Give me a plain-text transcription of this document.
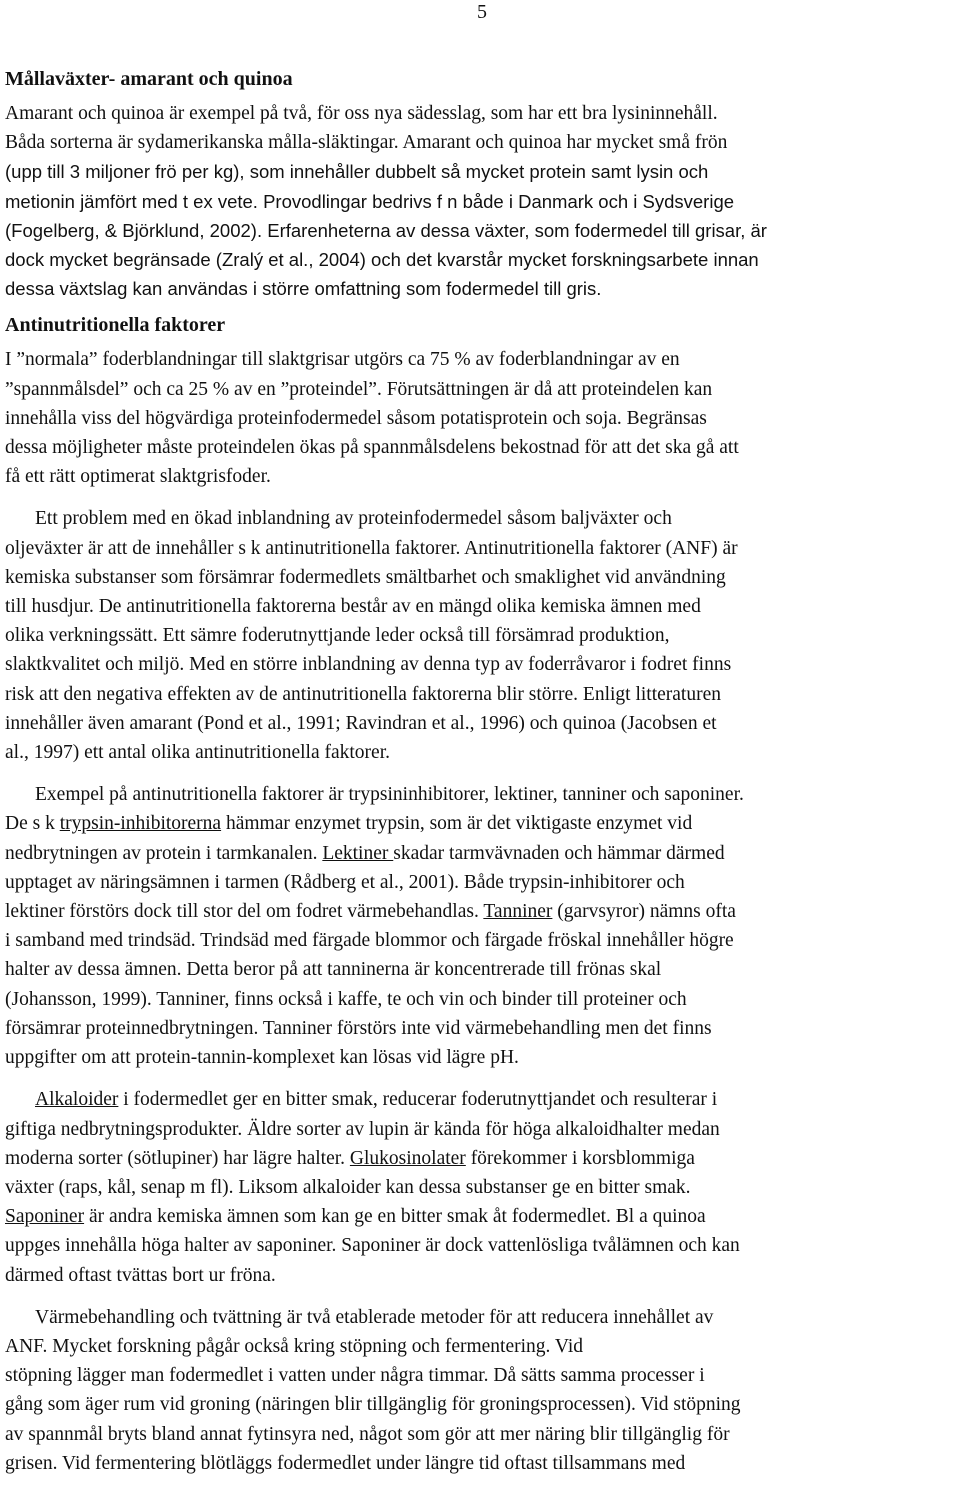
5
Mållaväxter- amarant och quinoa

Amarant och quinoa är exempel på två, för oss nya sädesslag, som har ett bra lysininnehåll.
Båda sorterna är sydamerikanska målla-släktingar. Amarant och quinoa har mycket små frön
(upp till 3 miljoner frö per kg), som innehåller dubbelt så mycket protein samt lysin och
metionin jämfört med t ex vete. Provodlingar bedrivs f n både i Danmark och i Sydsverige
(Fogelberg, & Björklund, 2002). Erfarenheterna av dessa växter, som fodermedel till grisar, är
dock mycket begränsade (Zralý et al., 2004) och det kvarstår mycket forskningsarbete innan
dessa växtslag kan användas i större omfattning som fodermedel till gris.

Antinutritionella faktorer

I ”normala” foderblandningar till slaktgrisar utgörs ca 75 % av foderblandningar av en
”spannmålsdel” och ca 25 % av en ”proteindel”. Förutsättningen är då att proteindelen kan
innehålla viss del högvärdiga proteinfodermedel såsom potatisprotein och soja. Begränsas
dessa möjligheter måste proteindelen ökas på spannmålsdelens bekostnad för att det ska gå att
få ett rätt optimerat slaktgrisfoder.

Ett problem med en ökad inblandning av proteinfodermedel såsom baljväxter och
oljeväxter är att de innehåller s k antinutritionella faktorer. Antinutritionella faktorer (ANF) är
kemiska substanser som försämrar fodermedlets smältbarhet och smaklighet vid användning
till husdjur. De antinutritionella faktorerna består av en mängd olika kemiska ämnen med
olika verkningssätt. Ett sämre foderutnyttjande leder också till försämrad produktion,
slaktkvalitet och miljö. Med en större inblandning av denna typ av foderråvaror i fodret finns
risk att den negativa effekten av de antinutritionella faktorerna blir större. Enligt litteraturen
innehåller även amarant (Pond et al., 1991; Ravindran et al., 1996) och quinoa (Jacobsen et
al., 1997) ett antal olika antinutritionella faktorer.

Exempel på antinutritionella faktorer är trypsininhibitorer, lektiner, tanniner och saponiner.
De s k trypsin-inhibitorerna hämmar enzymet trypsin, som är det viktigaste enzymet vid
nedbrytningen av protein i tarmkanalen. Lektiner skadar tarmvävnaden och hämmar därmed
upptaget av näringsämnen i tarmen (Rådberg et al., 2001). Både trypsin-inhibitorer och
lektiner förstörs dock till stor del om fodret värmebehandlas. Tanniner (garvsyror) nämns ofta
i samband med trindsäd. Trindsäd med färgade blommor och färgade fröskal innehåller högre
halter av dessa ämnen. Detta beror på att tanninerna är koncentrerade till frönas skal
(Johansson, 1999). Tanniner, finns också i kaffe, te och vin och binder till proteiner och
försämrar proteinnedbrytningen. Tanniner förstörs inte vid värmebehandling men det finns
uppgifter om att protein-tannin-komplexet kan lösas vid lägre pH.

Alkaloider i fodermedlet ger en bitter smak, reducerar foderutnyttjandet och resulterar i
giftiga nedbrytningsprodukter. Äldre sorter av lupin är kända för höga alkaloidhalter medan
moderna sorter (sötlupiner) har lägre halter. Glukosinolater förekommer i korsblommiga
växter (raps, kål, senap m fl). Liksom alkaloider kan dessa substanser ge en bitter smak.
Saponiner är andra kemiska ämnen som kan ge en bitter smak åt fodermedlet. Bl a quinoa
uppges innehålla höga halter av saponiner. Saponiner är dock vattenlösliga tvålämnen och kan
därmed oftast tvättas bort ur fröna.

Värmebehandling och tvättning är två etablerade metoder för att reducera innehållet av
ANF. Mycket forskning pågår också kring stöpning och fermentering. Vid
stöpning lägger man fodermedlet i vatten under några timmar. Då sätts samma processer i
gång som äger rum vid groning (näringen blir tillgänglig för groningsprocessen). Vid stöpning
av spannmål bryts bland annat fytinsyra ned, något som gör att mer näring blir tillgänglig för
grisen. Vid fermentering blötläggs fodermedlet under längre tid oftast tillsammans med
